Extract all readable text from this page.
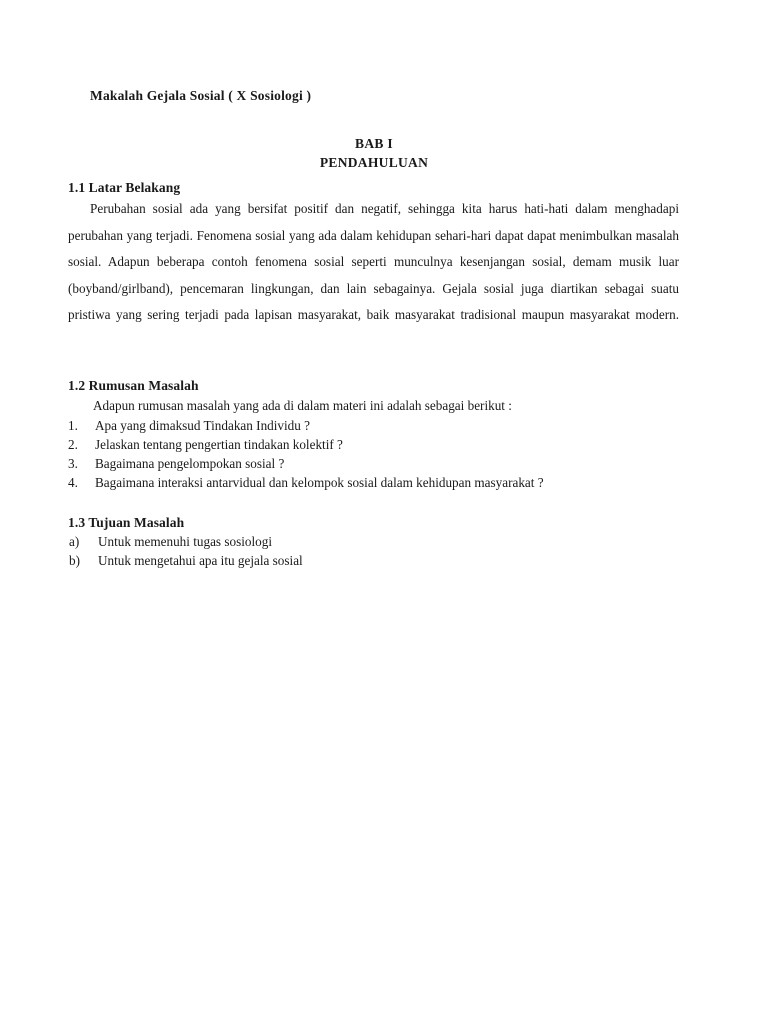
Makalah Gejala Sosial ( X Sosiologi )
BAB I
PENDAHULUAN
1.1 Latar Belakang

Perubahan sosial ada yang bersifat positif dan negatif, sehingga kita harus hati-hati dalam menghadapi perubahan yang terjadi. Fenomena sosial yang ada dalam kehidupan sehari-hari dapat dapat menimbulkan masalah sosial. Adapun beberapa contoh fenomena sosial seperti munculnya kesenjangan sosial, demam musik luar (boyband/girlband), pencemaran lingkungan, dan lain sebagainya. Gejala sosial juga diartikan sebagai suatu pristiwa yang sering terjadi pada lapisan masyarakat, baik masyarakat tradisional maupun masyarakat modern.

1.2 Rumusan Masalah

Adapun rumusan masalah yang ada di dalam materi ini adalah sebagai berikut :

1.	Apa yang dimaksud Tindakan Individu ?
2.	Jelaskan tentang pengertian tindakan kolektif ?
3.	Bagaimana pengelompokan sosial ?
4.	Bagaimana interaksi antarvidual dan kelompok sosial dalam kehidupan masyarakat ?
1.3 Tujuan Masalah
a)	Untuk memenuhi tugas sosiologi
b)	Untuk mengetahui apa itu gejala sosial
